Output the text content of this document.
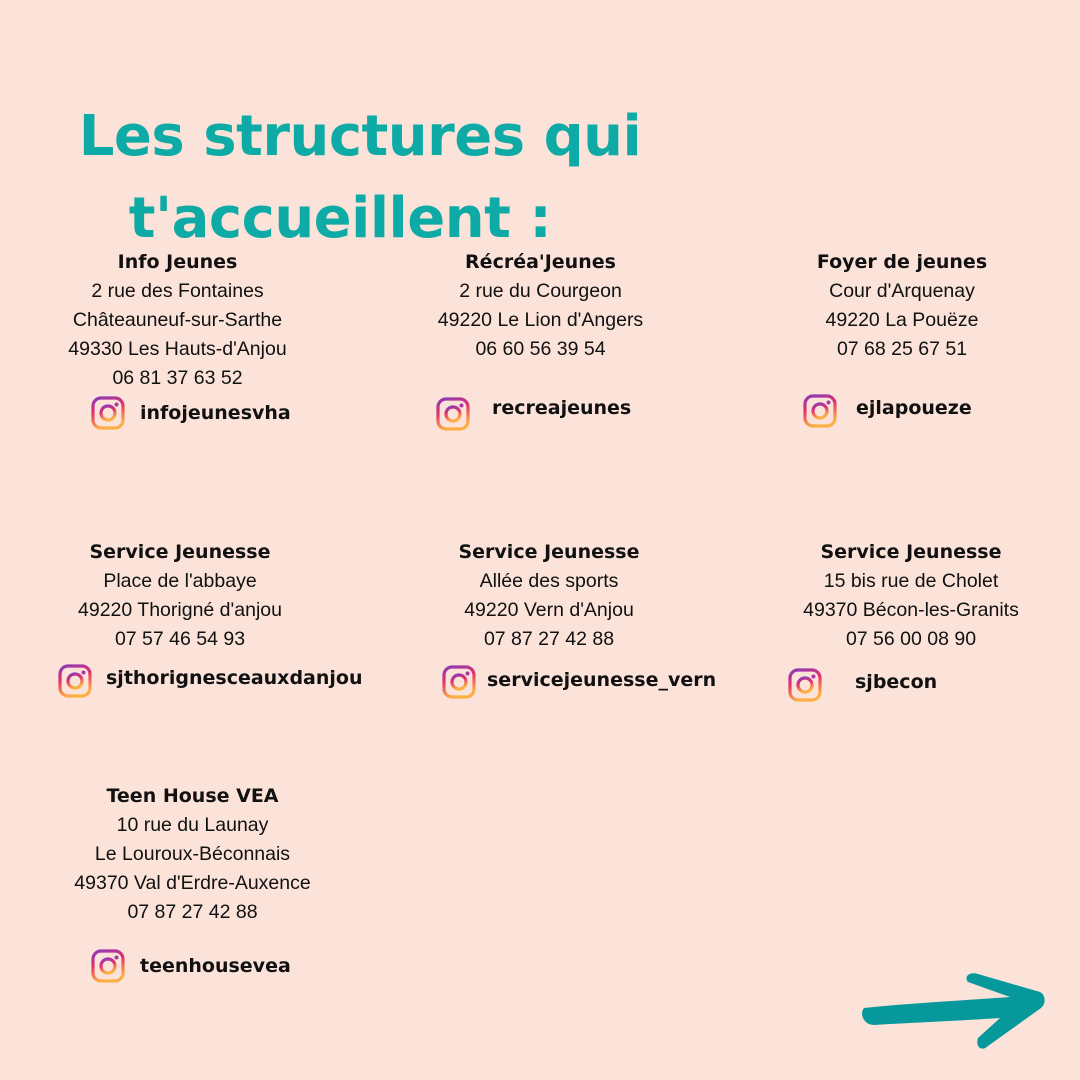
Les structures qui
t'accueillent :
Info Jeunes
2 rue des Fontaines
Châteauneuf-sur-Sarthe
49330 Les Hauts-d'Anjou
06 81 37 63 52
infojeunesvha
Récréa'Jeunes
2 rue du Courgeon
49220 Le Lion d'Angers
06 60 56 39 54
recreajeunes
Foyer de jeunes
Cour d'Arquenay
49220 La Pouëze
07 68 25 67 51
ejlapoueze
Service Jeunesse
Place de l'abbaye
49220 Thorigné d'anjou
07 57 46 54 93
sjthorignesceauxdanjou
Service Jeunesse
Allée des sports
49220 Vern d'Anjou
07 87 27 42 88
servicejeunesse_vern
Service Jeunesse
15 bis rue de Cholet
49370 Bécon-les-Granits
07 56 00 08 90
sjbecon
Teen House VEA
10 rue du Launay
Le Louroux-Béconnais
49370 Val d'Erdre-Auxence
07 87 27 42 88
teenhousevea
